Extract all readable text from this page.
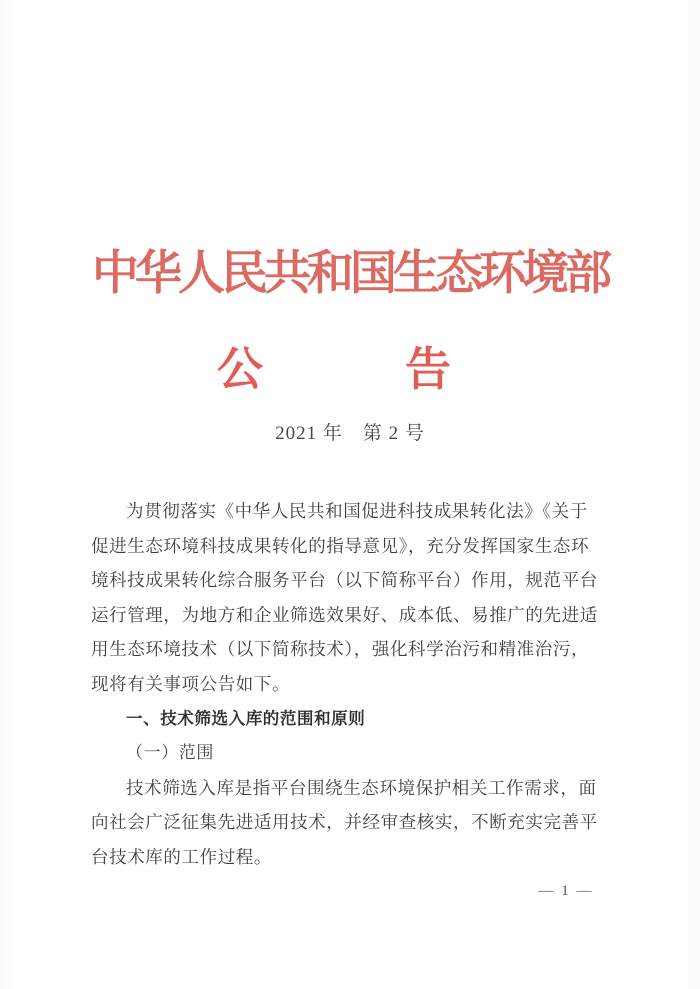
中华人民共和国生态环境部
公	告
2021 年　第 2 号
为贯彻落实《中华人民共和国促进科技成果转化法》《关于
促进生态环境科技成果转化的指导意见》，充分发挥国家生态环
境科技成果转化综合服务平台（以下简称平台）作用，规范平台
运行管理，为地方和企业筛选效果好、成本低、易推广的先进适
用生态环境技术（以下简称技术），强化科学治污和精准治污，
现将有关事项公告如下。
一、技术筛选入库的范围和原则
（一）范围
技术筛选入库是指平台围绕生态环境保护相关工作需求，面
向社会广泛征集先进适用技术，并经审查核实，不断充实完善平
台技术库的工作过程。
— 1 —
